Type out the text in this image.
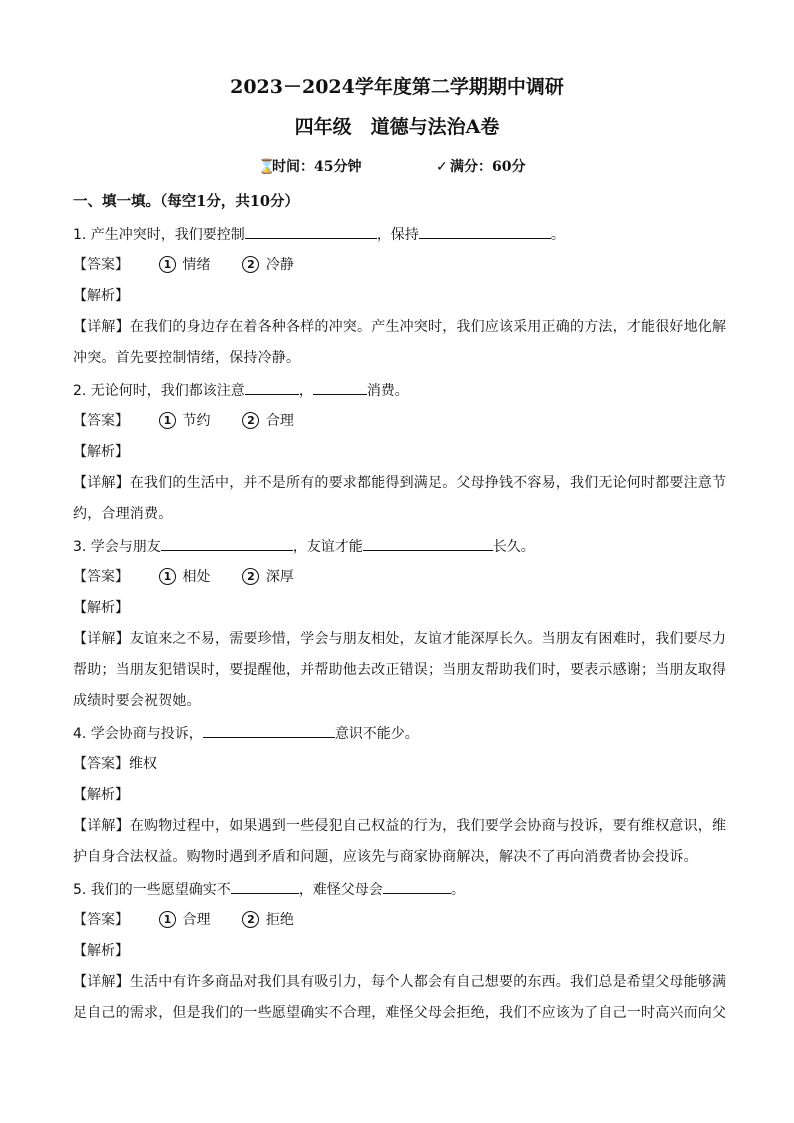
2023－2024学年度第二学期期中调研
四年级　道德与法治A卷
⌛时间：45分钟	✓ 满分：60分
一、填一填。（每空1分，共10分）
1. 产生冲突时，我们要控制	，保持	。
【答案】	1 情绪	2 冷静
【解析】
【详解】在我们的身边存在着各种各样的冲突。产生冲突时，我们应该采用正确的方法，才能很好地化解
冲突。首先要控制情绪，保持冷静。
2. 无论何时，我们都该注意	，	消费。
【答案】	1 节约	2 合理
【解析】
【详解】在我们的生活中，并不是所有的要求都能得到满足。父母挣钱不容易，我们无论何时都要注意节
约，合理消费。
3. 学会与朋友	，友谊才能	长久。
【答案】	1 相处	2 深厚
【解析】
【详解】友谊来之不易，需要珍惜，学会与朋友相处，友谊才能深厚长久。当朋友有困难时，我们要尽力
帮助；当朋友犯错误时，要提醒他，并帮助他去改正错误；当朋友帮助我们时，要表示感谢；当朋友取得
成绩时要会祝贺她。
4. 学会协商与投诉，	意识不能少。
【答案】维权
【解析】
【详解】在购物过程中，如果遇到一些侵犯自己权益的行为，我们要学会协商与投诉，要有维权意识，维
护自身合法权益。购物时遇到矛盾和问题，应该先与商家协商解决，解决不了再向消费者协会投诉。
5. 我们的一些愿望确实不	，难怪父母会	。
【答案】	1 合理	2 拒绝
【解析】
【详解】生活中有许多商品对我们具有吸引力，每个人都会有自己想要的东西。我们总是希望父母能够满
足自己的需求，但是我们的一些愿望确实不合理，难怪父母会拒绝，我们不应该为了自己一时高兴而向父
